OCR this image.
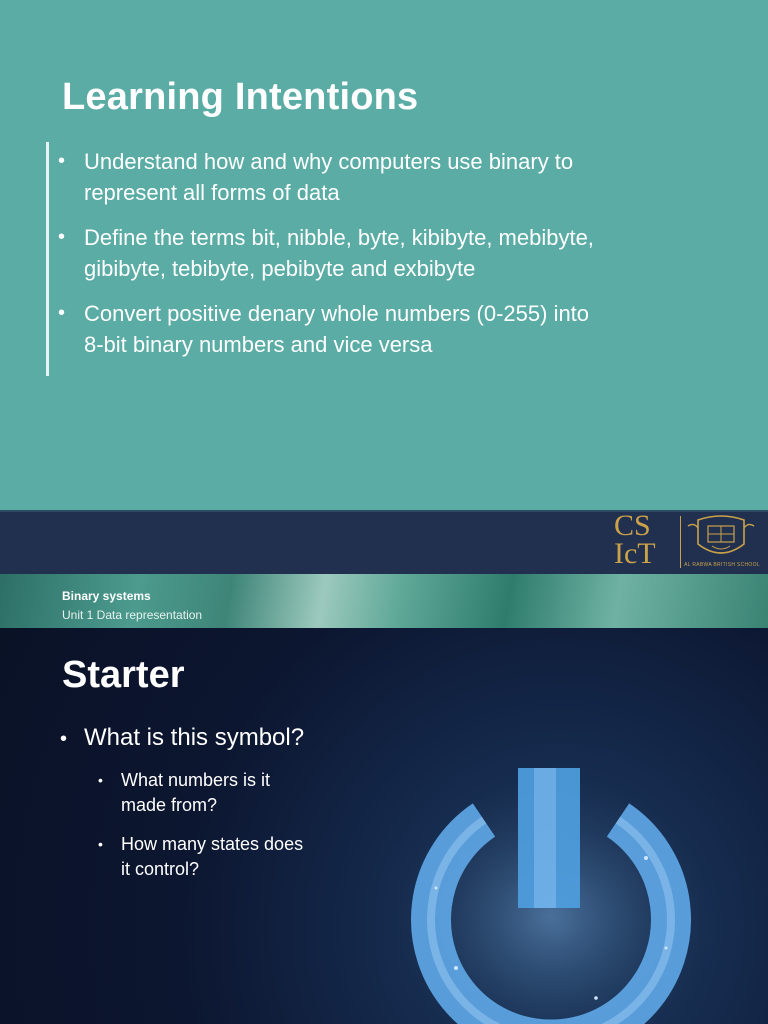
Learning Intentions
• Understand how and why computers use binary to
represent all forms of data
• Define the terms bit, nibble, byte, kibibyte, mebibyte,
gibibyte, tebibyte, pebibyte and exbibyte
• Convert positive denary whole numbers (0-255) into
8-bit binary numbers and vice versa
CS
IcT	AL RABWA BRITISH SCHOOL
Binary systems
Unit 1 Data representation
Starter
• What is this symbol?
•	What numbers is it
made from?
•	How many states does
it control?
